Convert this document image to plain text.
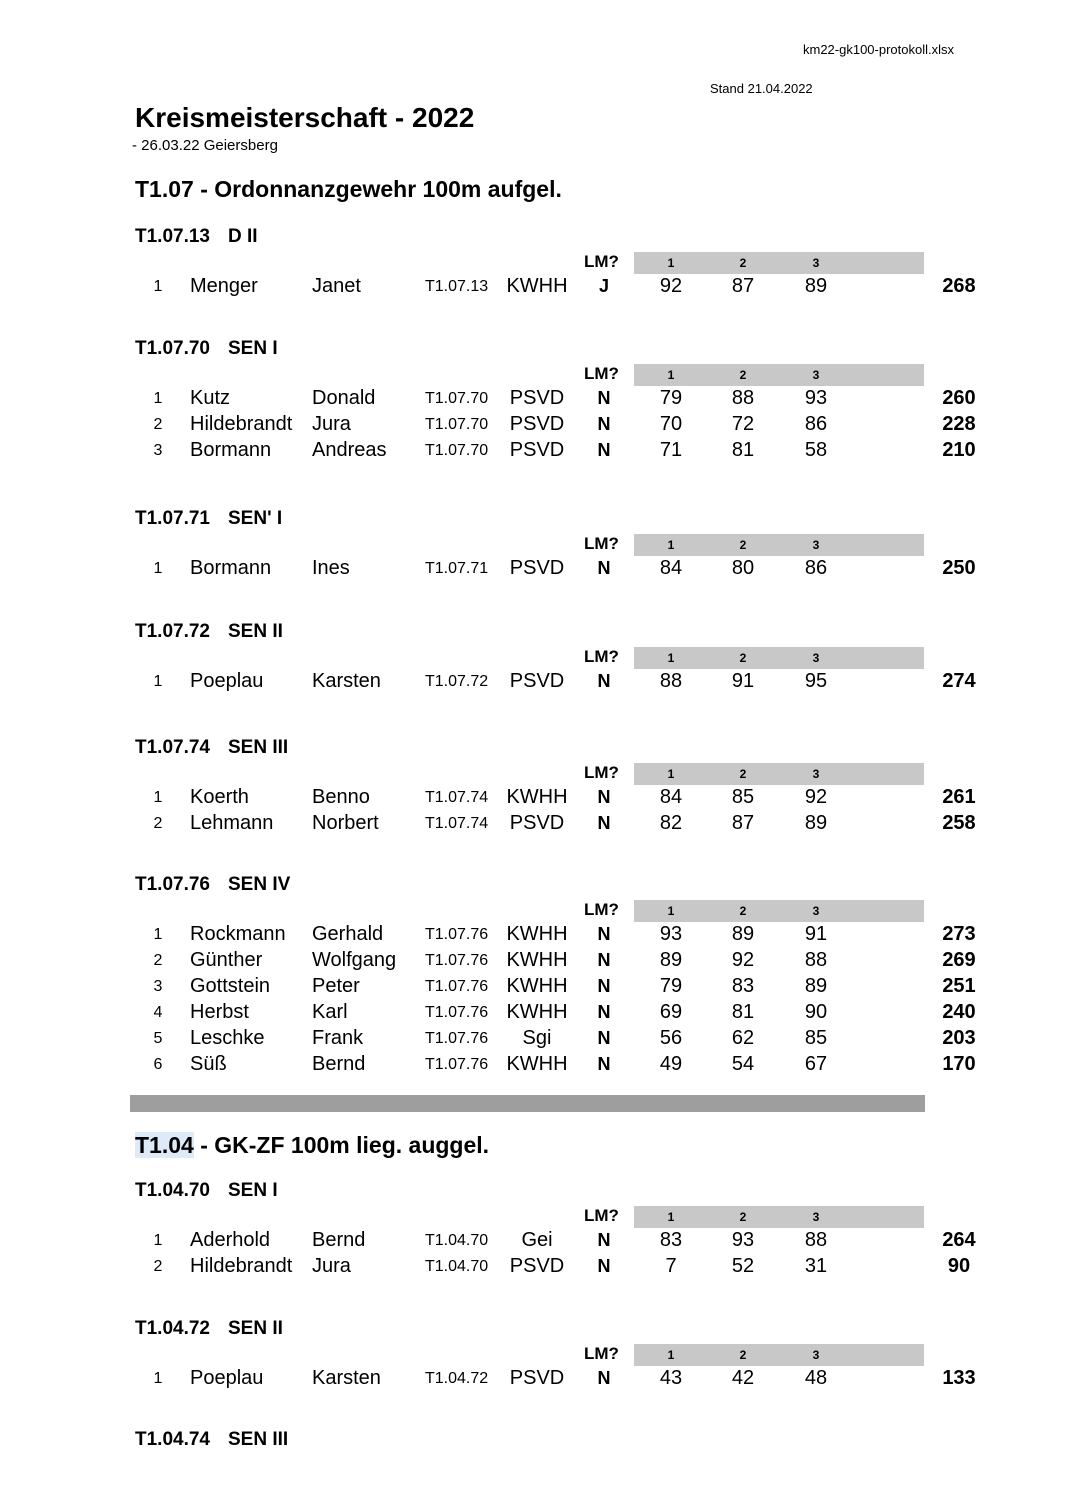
km22-gk100-protokoll.xlsx
Stand 21.04.2022
Kreismeisterschaft - 2022
- 26.03.22 Geiersberg
T1.07 - Ordonnanzgewehr 100m aufgel.
T1.04 - GK-ZF 100m lieg. auggel.
T1.07.13 D II
LM?	1	2	3
1 Menger	Janet	T1.07.13 KWHH J	92 87	89	268
T1.07.70 SEN I
LM?	1	2	3
1 Kutz	Donald	T1.07.70 PSVD N 79 88	93	260
2 Hildebrandt Jura	T1.07.70 PSVD N 70 72	86	228
3 Bormann Andreas T1.07.70 PSVD N 71 81	58	210
T1.07.71 SEN' I
LM?	1	2	3
1 Bormann Ines	T1.07.71 PSVD N 84 80	86	250
T1.07.72 SEN II
LM?	1	2	3
1 Poeplau Karsten	T1.07.72 PSVD N 88 91	95	274
T1.07.74 SEN III
LM?	1	2	3
1 Koerth	Benno	T1.07.74 KWHH N 84 85	92	261
2 Lehmann Norbert	T1.07.74 PSVD N 82 87	89	258
T1.07.76 SEN IV
LM?	1	2	3
1 Rockmann Gerhald	T1.07.76 KWHH N 93 89	91	273
2 Günther Wolfgang T1.07.76 KWHH N 89 92	88	269
3 Gottstein Peter	T1.07.76 KWHH N 79 83	89	251
4 Herbst	Karl	T1.07.76 KWHH N 69 81	90	240
5 Leschke Frank	T1.07.76 Sgi	N 56 62	85	203
6 Süß	Bernd	T1.07.76 KWHH N 49 54	67	170
T1.04.70 SEN I
LM?	1	2	3
1 Aderhold Bernd	T1.04.70 Gei N 83 93	88	264
2 Hildebrandt Jura	T1.04.70 PSVD N	7	52	31	90
T1.04.72 SEN II
LM?	1	2	3
1 Poeplau Karsten	T1.04.72 PSVD N 43 42	48	133
T1.04.74 SEN III
